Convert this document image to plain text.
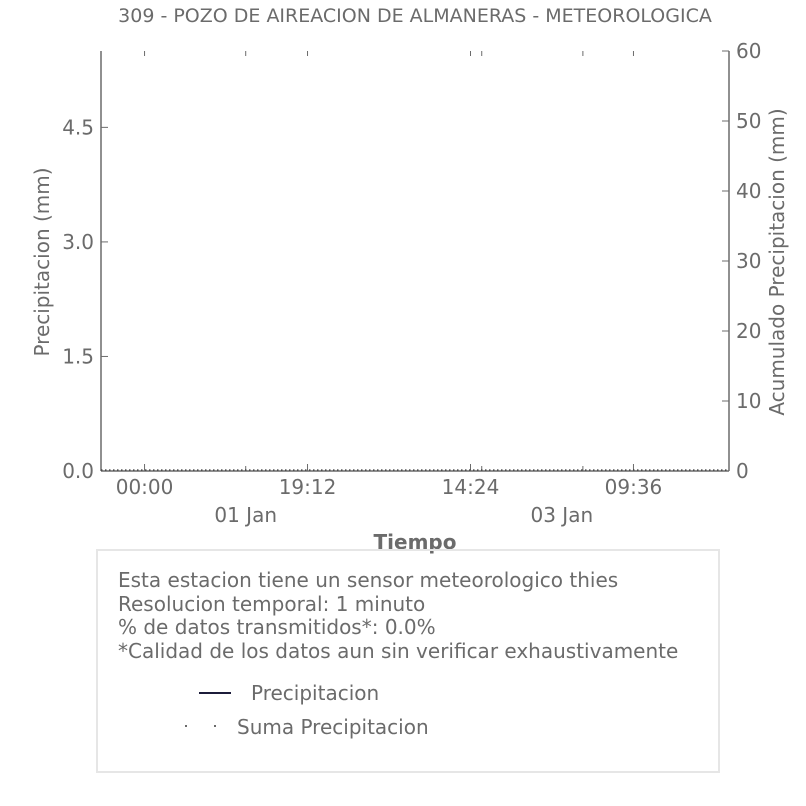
309 - POZO DE AIREACION DE ALMANERAS - METEOROLOGICA
0.0
1.5
3.0
4.5
0
10
20
30
40
50
60
00:00	19:12	14:24	09:36
01 Jan	03 Jan
Precipitacion (mm)	Acumulado Precipitacion (mm)
Tiempo
Esta estacion tiene un sensor meteorologico thies
Resolucion temporal: 1 minuto
% de datos transmitidos*: 0.0%
*Calidad de los datos aun sin verificar exhaustivamente
Precipitacion
Suma Precipitacion
